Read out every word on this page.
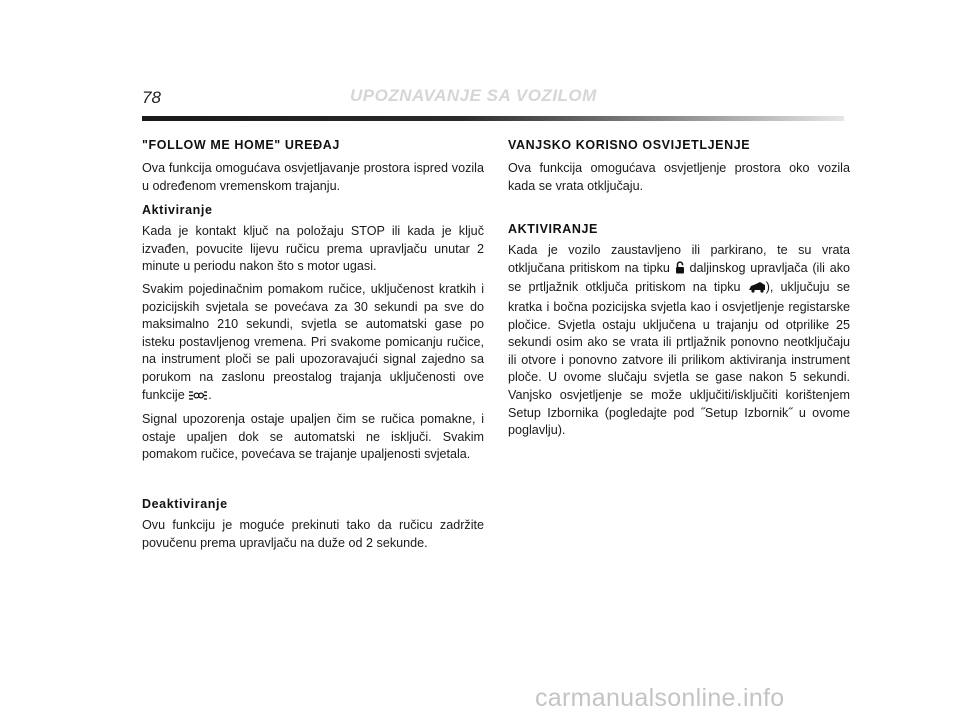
78	UPOZNAVANJE SA VOZILOM
"FOLLOW ME HOME" UREĐAJ

Ova funkcija omogućava osvjetljavanje prostora ispred vozila u određenom vremenskom trajanju.

Aktiviranje

Kada je kontakt ključ na položaju STOP ili kada je ključ izvađen, povucite lijevu ručicu prema upravljaču unutar 2 minute u periodu nakon što s motor ugasi.

Svakim pojedinačnim pomakom ručice, uključenost kratkih i pozicijskih svjetala se povećava za 30 sekundi pa sve do maksimalno 210 sekundi, svjetla se automatski gase po isteku postavljenog vremena. Pri svakome pomicanju ručice, na instrument ploči se pali upozoravajući signal zajedno sa porukom na zaslonu preostalog trajanja uključenosti ove funkcije .

Signal upozorenja ostaje upaljen čim se ručica pomakne, i ostaje upaljen dok se automatski ne isključi. Svakim pomakom ručice, povećava se trajanje upaljenosti svjetala.

Deaktiviranje

Ovu funkciju je moguće prekinuti tako da ručicu zadržite povučenu prema upravljaču na duže od 2 sekunde.

VANJSKO KORISNO OSVIJETLJENJE

Ova funkcija omogućava osvjetljenje prostora oko vozila kada se vrata otključaju.

AKTIVIRANJE

Kada je vozilo zaustavljeno ili parkirano, te su vrata otključana pritiskom na tipku daljinskog upravljača (ili ako se prtljažnik otključa pritiskom na tipku ), uključuju se kratka i bočna pozicijska svjetla kao i osvjetljenje registarske pločice. Svjetla ostaju uključena u trajanju od otprilike 25 sekundi osim ako se vrata ili prtljažnik ponovno neotključaju ili otvore i ponovno zatvore ili prilikom aktiviranja instrument ploče. U ovome slučaju svjetla se gase nakon 5 sekundi. Vanjsko osvjetljenje se može uključiti/isključiti korištenjem Setup Izbornika (pogledajte pod ˝Setup Izbornik˝ u ovome poglavlju).

carmanualsonline.info
